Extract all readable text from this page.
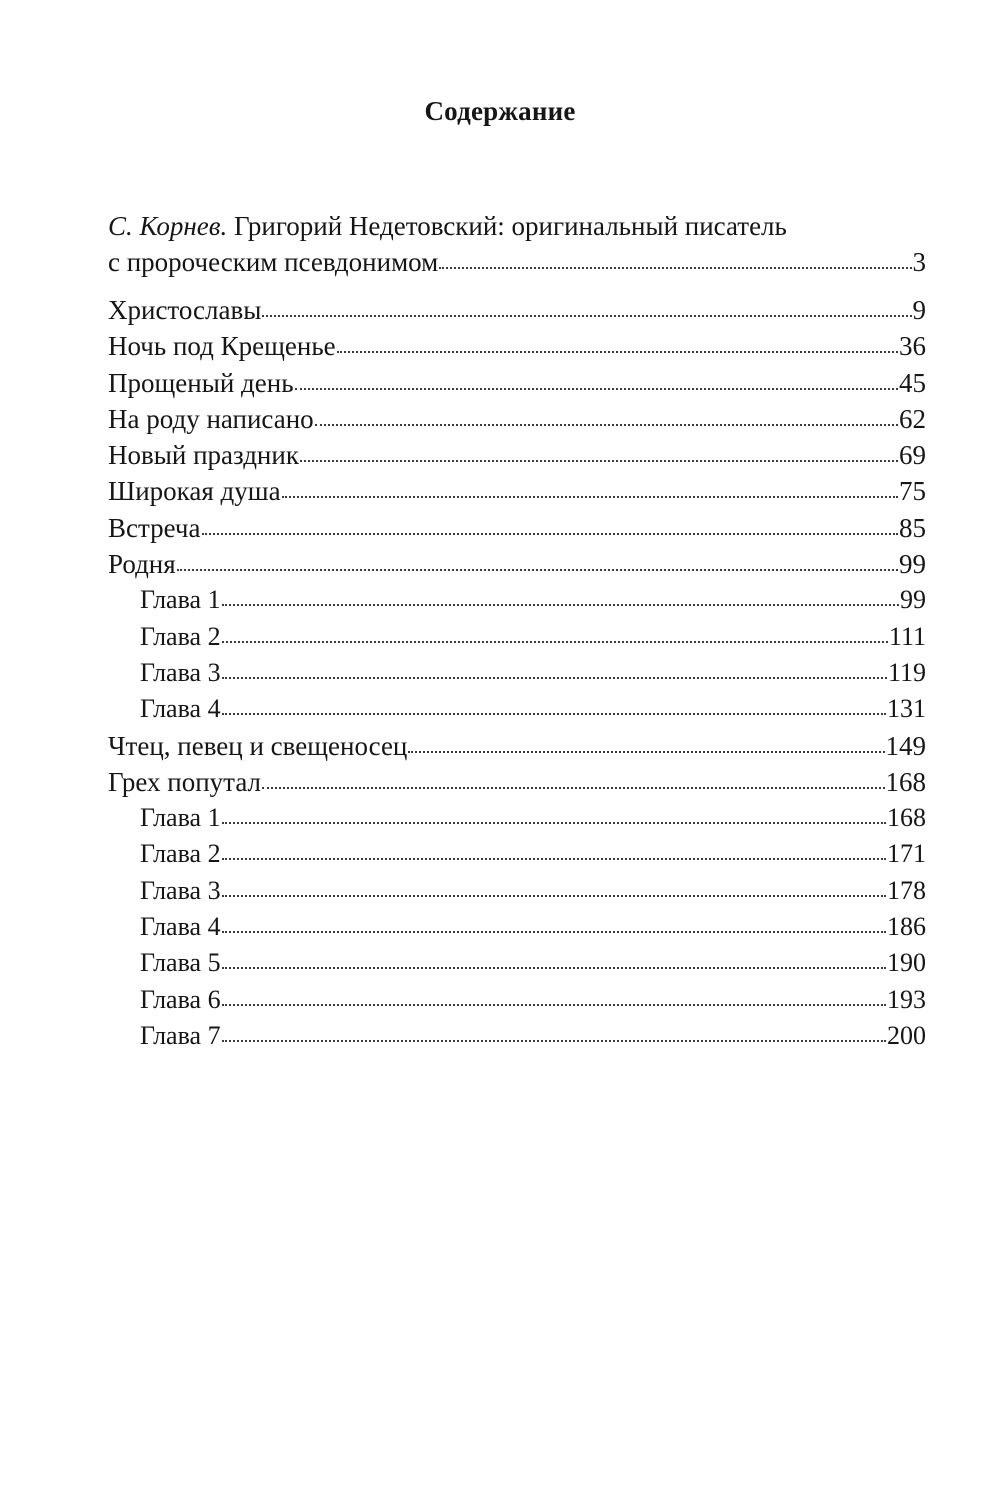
Содержание
С. Корнев. Григорий Недетовский: оригинальный писатель
с пророческим псевдонимом	3
Христославы	9
Ночь под Крещенье	36
Прощеный день	45
На роду написано	62
Новый праздник	69
Широкая душа	75
Встреча	85
Родня	99
Глава 1	99
Глава 2	111
Глава 3	119
Глава 4	131
Чтец, певец и свещеносец	149
Грех попутал	168
Глава 1	168
Глава 2	171
Глава 3	178
Глава 4	186
Глава 5	190
Глава 6	193
Глава 7	200
